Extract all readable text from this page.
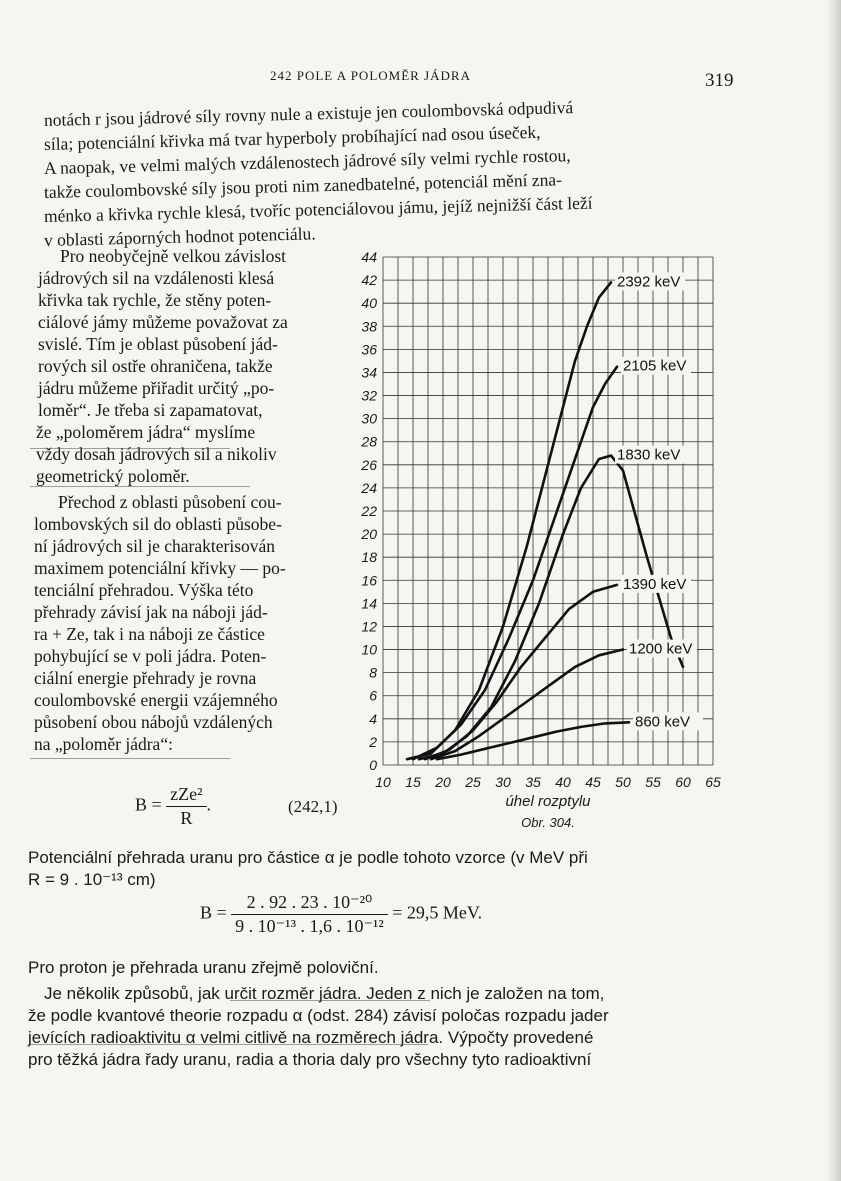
242 POLE A POLOMĚR JÁDRA	319
notách r jsou jádrové síly rovny nule a existuje jen coulombovská odpudivá
síla; potenciální křivka má tvar hyperboly probíhající nad osou úseček,
A naopak, ve velmi malých vzdálenostech jádrové síly velmi rychle rostou,
takže coulombovské síly jsou proti nim zanedbatelné, potenciál mění zna-
ménko a křivka rychle klesá, tvoříc potenciálovou jámu, jejíž nejnižší část leží
v oblasti záporných hodnot potenciálu.
Pro neobyčejně velkou závislost
jádrových sil na vzdálenosti klesá
křivka tak rychle, že stěny poten-
ciálové jámy můžeme považovat za
svislé. Tím je oblast působení jád-
rových sil ostře ohraničena, takže
jádru můžeme přiřadit určitý „po-
loměr“. Je třeba si zapamatovat,
že „poloměrem jádra“ myslíme
vždy dosah jádrových sil a nikoliv
geometrický poloměr.
Přechod z oblasti působení cou-
lombovských sil do oblasti působe-
ní jádrových sil je charakterisován
maximem potenciální křivky — po-
tenciální přehradou. Výška této
přehrady závisí jak na náboji jád-
ra + Ze, tak i na náboji ze částice
pohybující se v poli jádra. Poten-
ciální energie přehrady je rovna
coulombovské energii vzájemného
působení obou nábojů vzdálených
na „poloměr jádra“:
$B = \frac{\text{zZe²}}{R}$ .	(242,1)
0
2
4
6
8
10
12
14
16
18
20
22
24
26
28
30
32
34
36
38
40
42
44
10 15 20 25 30 35 40 45 50 55 60 65
úhel rozptylu
Obr. 304.
2392 keV
2105 keV
1830 keV
1390 keV
1200 keV
860 keV
Potenciální přehrada uranu pro částice α je podle tohoto vzorce (v MeV při
R = 9 . 10⁻¹³ cm)
$B = \frac{\text{2 . 92 . 23 . 10⁻²⁰}}{\text{9 . 10⁻¹³ . 1,6 . 10⁻¹²}} = 29,5$ MeV.
Pro proton je přehrada uranu zřejmě poloviční.
Je několik způsobů, jak určit rozměr jádra. Jeden z nich je založen na tom,
že podle kvantové theorie rozpadu α (odst. 284) závisí poločas rozpadu jader
jevících radioaktivitu α velmi citlivě na rozměrech jádra. Výpočty provedené
pro těžká jádra řady uranu, radia a thoria daly pro všechny tyto radioaktivní
